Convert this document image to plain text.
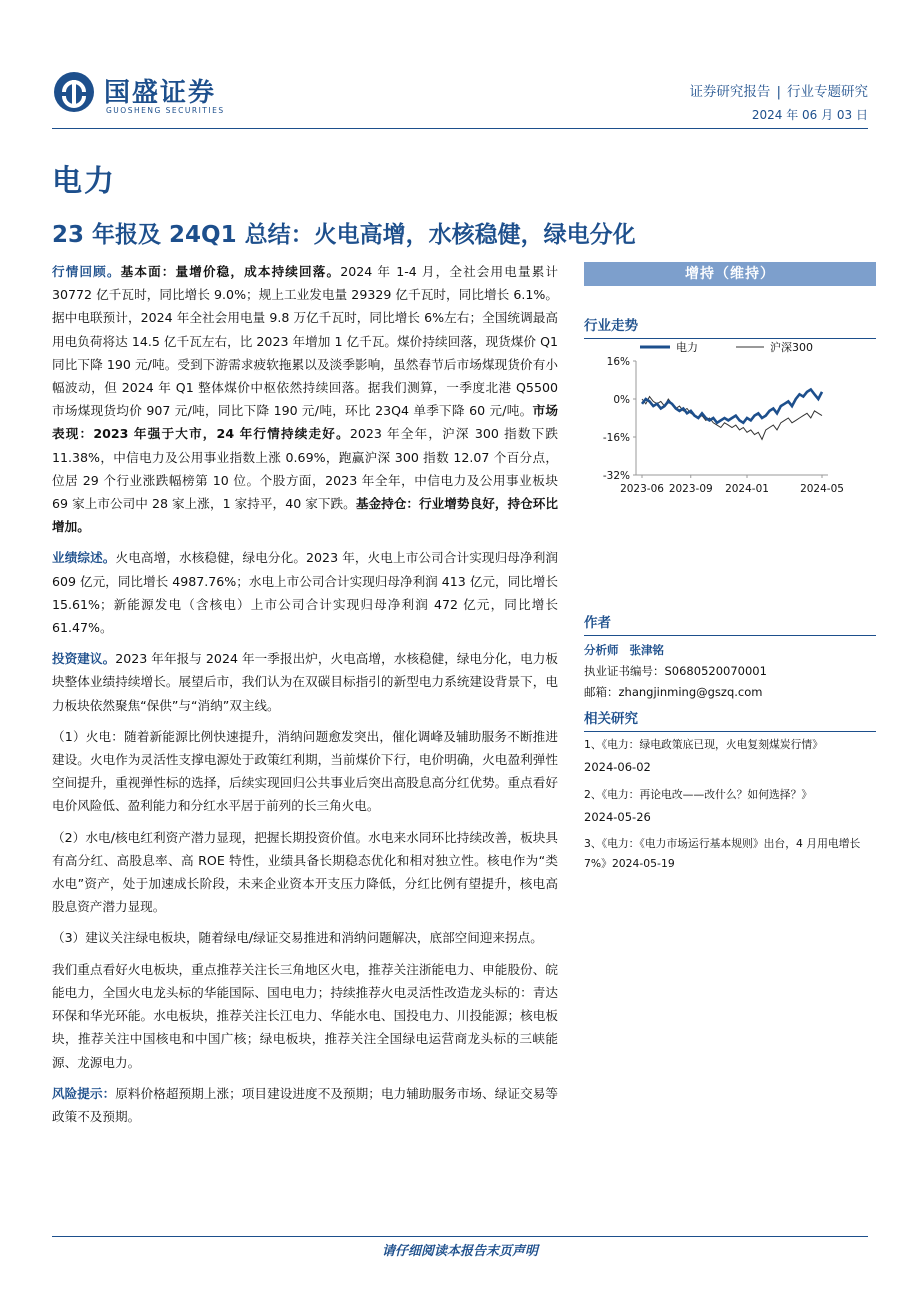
国盛证券
GUOSHENG SECURITIES
证券研究报告 | 行业专题研究
2024 年 06 月 03 日
电力
23 年报及 24Q1 总结：火电高增，水核稳健，绿电分化

行情回顾。基本面：量增价稳，成本持续回落。2024 年 1-4 月，全社会用电量累计 30772 亿千瓦时，同比增长 9.0%；规上工业发电量 29329 亿千瓦时，同比增长 6.1%。据中电联预计，2024 年全社会用电量 9.8 万亿千瓦时，同比增长 6%左右；全国统调最高用电负荷将达 14.5 亿千瓦左右，比 2023 年增加 1 亿千瓦。煤价持续回落，现货煤价 Q1 同比下降 190 元/吨。受到下游需求疲软拖累以及淡季影响，虽然春节后市场煤现货价有小幅波动，但 2024 年 Q1 整体煤价中枢依然持续回落。据我们测算，一季度北港 Q5500 市场煤现货均价 907 元/吨，同比下降 190 元/吨，环比 23Q4 单季下降 60 元/吨。市场表现：2023 年强于大市，24 年行情持续走好。2023 年全年，沪深 300 指数下跌 11.38%，中信电力及公用事业指数上涨 0.69%，跑赢沪深 300 指数 12.07 个百分点，位居 29 个行业涨跌幅榜第 10 位。个股方面，2023 年全年，中信电力及公用事业板块 69 家上市公司中 28 家上涨，1 家持平，40 家下跌。基金持仓：行业增势良好，持仓环比增加。

业绩综述。火电高增，水核稳健，绿电分化。2023 年，火电上市公司合计实现归母净利润 609 亿元，同比增长 4987.76%；水电上市公司合计实现归母净利润 413 亿元，同比增长 15.61%；新能源发电（含核电）上市公司合计实现归母净利润 472 亿元，同比增长 61.47%。

投资建议。2023 年年报与 2024 年一季报出炉，火电高增，水核稳健，绿电分化，电力板块整体业绩持续增长。展望后市，我们认为在双碳目标指引的新型电力系统建设背景下，电力板块依然聚焦“保供”与“消纳”双主线。

（1）火电：随着新能源比例快速提升，消纳问题愈发突出，催化调峰及辅助服务不断推进建设。火电作为灵活性支撑电源处于政策红利期，当前煤价下行，电价明确，火电盈利弹性空间提升，重视弹性标的选择，后续实现回归公共事业后突出高股息高分红优势。重点看好电价风险低、盈利能力和分红水平居于前列的长三角火电。

（2）水电/核电红利资产潜力显现，把握长期投资价值。水电来水同环比持续改善，板块具有高分红、高股息率、高 ROE 特性，业绩具备长期稳态优化和相对独立性。核电作为“类水电”资产，处于加速成长阶段，未来企业资本开支压力降低，分红比例有望提升，核电高股息资产潜力显现。

（3）建议关注绿电板块，随着绿电/绿证交易推进和消纳问题解决，底部空间迎来拐点。

我们重点看好火电板块，重点推荐关注长三角地区火电，推荐关注浙能电力、申能股份、皖能电力，全国火电龙头标的华能国际、国电电力；持续推荐火电灵活性改造龙头标的：青达环保和华光环能。水电板块，推荐关注长江电力、华能水电、国投电力、川投能源；核电板块，推荐关注中国核电和中国广核；绿电板块，推荐关注全国绿电运营商龙头标的三峡能源、龙源电力。

风险提示：原料价格超预期上涨；项目建设进度不及预期；电力辅助服务市场、绿证交易等政策不及预期。

增持（维持）
行业走势
电力	沪深300
16%
0%
-16%
-32%
2023-06 2023-09 2024-01	2024-05
作者
分析师 张津铭
执业证书编号：S0680520070001
邮箱：zhangjinming@gszq.com
相关研究
1、《电力：绿电政策底已现，火电复刻煤炭行情》
2024-06-02
2、《电力：再论电改——改什么？如何选择？》
2024-05-26
3、《电力：《电力市场运行基本规则》出台，4 月用电增长 7%》2024-05-19
请仔细阅读本报告末页声明
